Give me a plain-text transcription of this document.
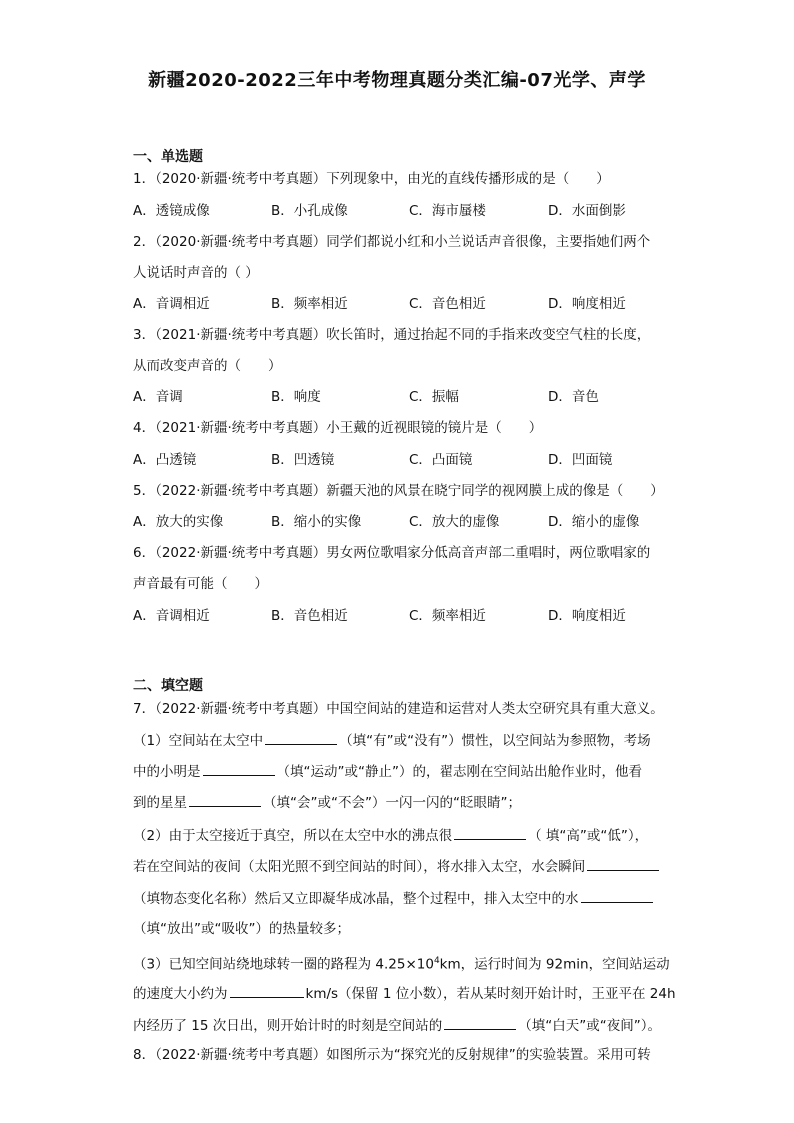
新疆2020-2022三年中考物理真题分类汇编-07光学、声学
一、单选题
1．（2020·新疆·统考中考真题）下列现象中，由光的直线传播形成的是（　　）
A．透镜成像	B．小孔成像	C．海市蜃楼	D．水面倒影
2．（2020·新疆·统考中考真题）同学们都说小红和小兰说话声音很像，主要指她们两个
人说话时声音的（ ）
A．音调相近	B．频率相近	C．音色相近	D．响度相近
3．（2021·新疆·统考中考真题）吹长笛时，通过抬起不同的手指来改变空气柱的长度，
从而改变声音的（　　）
A．音调	B．响度	C．振幅	D．音色
4．（2021·新疆·统考中考真题）小王戴的近视眼镜的镜片是（　　）
A．凸透镜	B．凹透镜	C．凸面镜	D．凹面镜
5．（2022·新疆·统考中考真题）新疆天池的风景在晓宁同学的视网膜上成的像是（　　）
A．放大的实像	B．缩小的实像	C．放大的虚像	D．缩小的虚像
6．（2022·新疆·统考中考真题）男女两位歌唱家分低高音声部二重唱时，两位歌唱家的
声音最有可能（　　）
A．音调相近	B．音色相近	C．频率相近	D．响度相近
二、填空题
7．（2022·新疆·统考中考真题）中国空间站的建造和运营对人类太空研究具有重大意义。
（1）空间站在太空中	（填“有”或“没有”）惯性，以空间站为参照物，考场
中的小明是	（填“运动”或“静止”）的，翟志刚在空间站出舱作业时，他看
到的星星	（填“会”或“不会”）一闪一闪的“眨眼睛”；
（2）由于太空接近于真空，所以在太空中水的沸点很	（ 填“高”或“低”），
若在空间站的夜间（太阳光照不到空间站的时间），将水排入太空，水会瞬间
（填物态变化名称）然后又立即凝华成冰晶，整个过程中，排入太空中的水
（填“放出”或“吸收”）的热量较多；
（3）已知空间站绕地球转一圈的路程为 $4.25\times 10^4km$，运行时间为 92min，空间站运动
的速度大小约为	km/s（保留 1 位小数），若从某时刻开始计时，王亚平在 24h
内经历了 15 次日出，则开始计时的时刻是空间站的	（填“白天”或“夜间”）。
8．（2022·新疆·统考中考真题）如图所示为“探究光的反射规律”的实验装置。采用可转
